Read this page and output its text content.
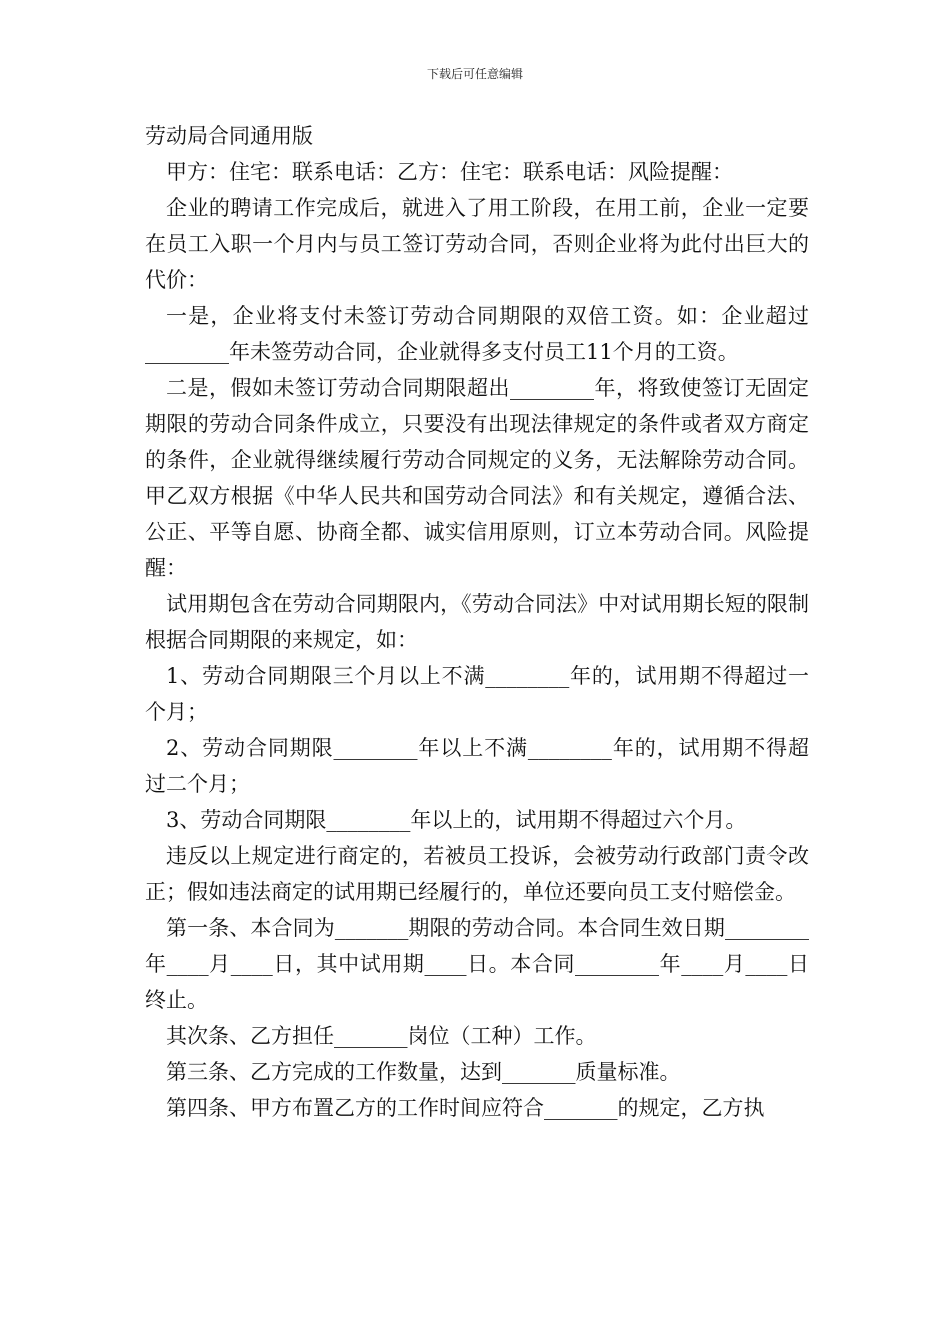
下载后可任意编辑
劳动局合同通用版

甲方：住宅：联系电话：乙方：住宅：联系电话：风险提醒：

企业的聘请工作完成后，就进入了用工阶段，在用工前，企业一定要在员工入职一个月内与员工签订劳动合同，否则企业将为此付出巨大的代价：

一是，企业将支付未签订劳动合同期限的双倍工资。如：企业超过________年未签劳动合同，企业就得多支付员工11个月的工资。

二是，假如未签订劳动合同期限超出________年，将致使签订无固定期限的劳动合同条件成立，只要没有出现法律规定的条件或者双方商定的条件，企业就得继续履行劳动合同规定的义务，无法解除劳动合同。 甲乙双方根据《中华人民共和国劳动合同法》和有关规定，遵循合法、公正、平等自愿、协商全都、诚实信用原则，订立本劳动合同。风险提醒：

试用期包含在劳动合同期限内，《劳动合同法》中对试用期长短的限制根据合同期限的来规定，如：

1、劳动合同期限三个月以上不满________年的，试用期不得超过一个月；

2、劳动合同期限________年以上不满________年的，试用期不得超过二个月；

3、劳动合同期限________年以上的，试用期不得超过六个月。

违反以上规定进行商定的，若被员工投诉，会被劳动行政部门责令改正；假如违法商定的试用期已经履行的，单位还要向员工支付赔偿金。

第一条、本合同为_______期限的劳动合同。本合同生效日期________年____月____日，其中试用期____日。本合同________年____月____日终止。

其次条、乙方担任_______岗位（工种）工作。

第三条、乙方完成的工作数量，达到_______质量标准。

第四条、甲方布置乙方的工作时间应符合_______的规定，乙方执
